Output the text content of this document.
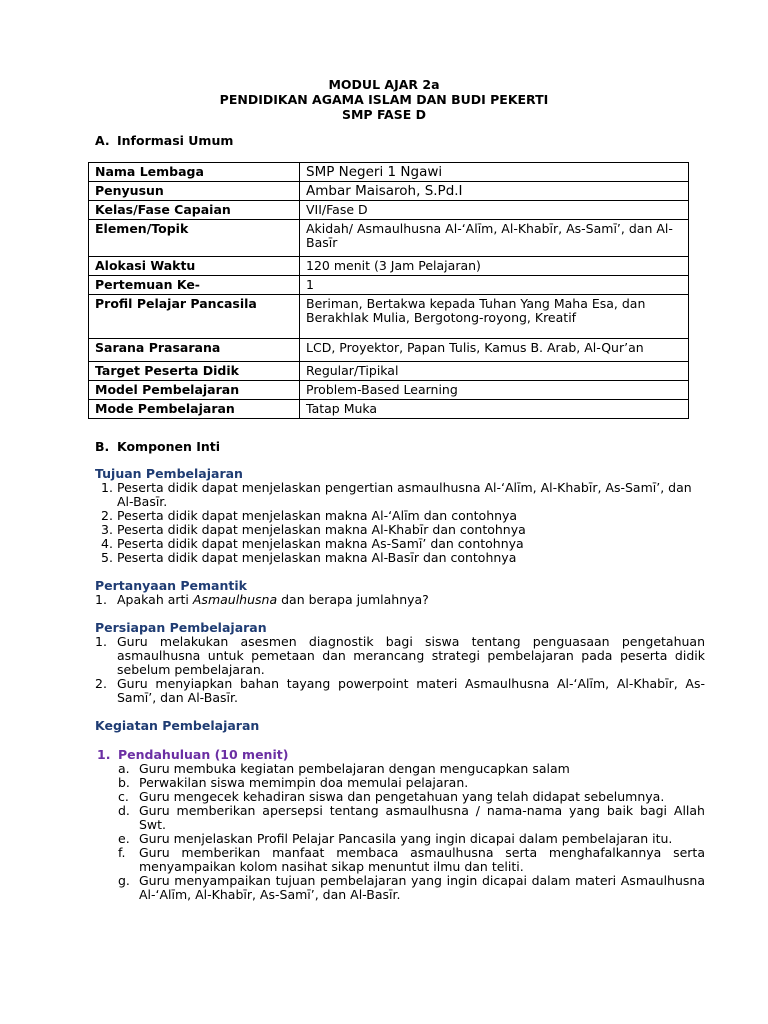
MODUL AJAR 2a
PENDIDIKAN AGAMA ISLAM DAN BUDI PEKERTI
SMP FASE D
A. Informasi Umum
Nama Lembaga	SMP Negeri 1 Ngawi
Penyusun	Ambar Maisaroh, S.Pd.I
Kelas/Fase Capaian	VII/Fase D
Elemen/Topik	Akidah/ Asmaulhusna Al-‘Alīm, Al-Khabīr, As-Samī’, dan Al-Basīr
Alokasi Waktu	120 menit (3 Jam Pelajaran)
Pertemuan Ke-	1
Profil Pelajar Pancasila	Beriman, Bertakwa kepada Tuhan Yang Maha Esa, dan Berakhlak Mulia, Bergotong-royong, Kreatif
Sarana Prasarana	LCD, Proyektor, Papan Tulis, Kamus B. Arab, Al-Qur’an
Target Peserta Didik	Regular/Tipikal
Model Pembelajaran	Problem-Based Learning
Mode Pembelajaran	Tatap Muka
B. Komponen Inti
Tujuan Pembelajaran
1. Peserta didik dapat menjelaskan pengertian asmaulhusna Al-‘Alīm, Al-Khabīr, As-Samī’, dan Al-Basīr.
2. Peserta didik dapat menjelaskan makna Al-‘Alīm dan contohnya
3. Peserta didik dapat menjelaskan makna Al-Khabīr dan contohnya
4. Peserta didik dapat menjelaskan makna As-Samī’ dan contohnya
5. Peserta didik dapat menjelaskan makna Al-Basīr dan contohnya
Pertanyaan Pemantik
1. Apakah arti Asmaulhusna dan berapa jumlahnya?
Persiapan Pembelajaran
1. Guru melakukan asesmen diagnostik bagi siswa tentang penguasaan pengetahuan asmaulhusna untuk pemetaan dan merancang strategi pembelajaran pada peserta didik sebelum pembelajaran.
2. Guru menyiapkan bahan tayang powerpoint materi Asmaulhusna Al-‘Alīm, Al-Khabīr, As-Samī’, dan Al-Basīr.
Kegiatan Pembelajaran
1. Pendahuluan (10 menit)
a. Guru membuka kegiatan pembelajaran dengan mengucapkan salam
b. Perwakilan siswa memimpin doa memulai pelajaran.
c. Guru mengecek kehadiran siswa dan pengetahuan yang telah didapat sebelumnya.
d. Guru memberikan apersepsi tentang asmaulhusna / nama-nama yang baik bagi Allah Swt.
e. Guru menjelaskan Profil Pelajar Pancasila yang ingin dicapai dalam pembelajaran itu.
f. Guru memberikan manfaat membaca asmaulhusna serta menghafalkannya serta menyampaikan kolom nasihat sikap menuntut ilmu dan teliti.
g. Guru menyampaikan tujuan pembelajaran yang ingin dicapai dalam materi Asmaulhusna Al-‘Alīm, Al-Khabīr, As-Samī’, dan Al-Basīr.
